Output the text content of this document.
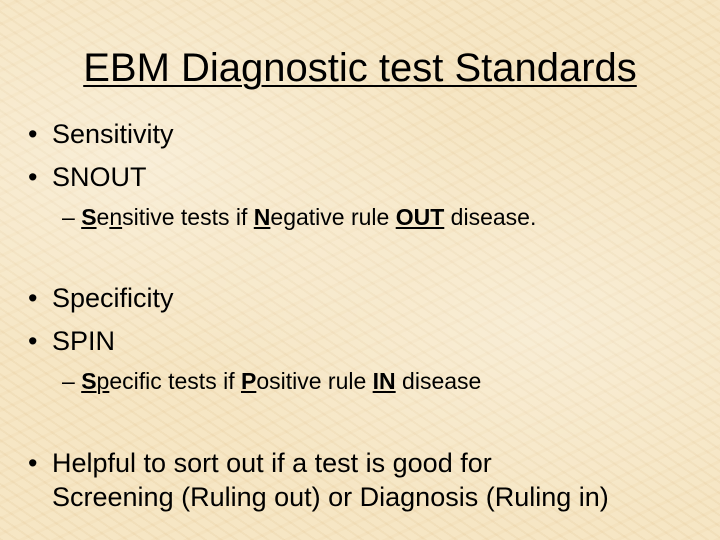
EBM Diagnostic test Standards
• Sensitivity
• SNOUT
– Sensitive tests if Negative rule OUT disease.
• Specificity
• SPIN
– Specific tests if Positive rule IN disease
• Helpful to sort out if a test is good for
Screening (Ruling out) or Diagnosis (Ruling in)
